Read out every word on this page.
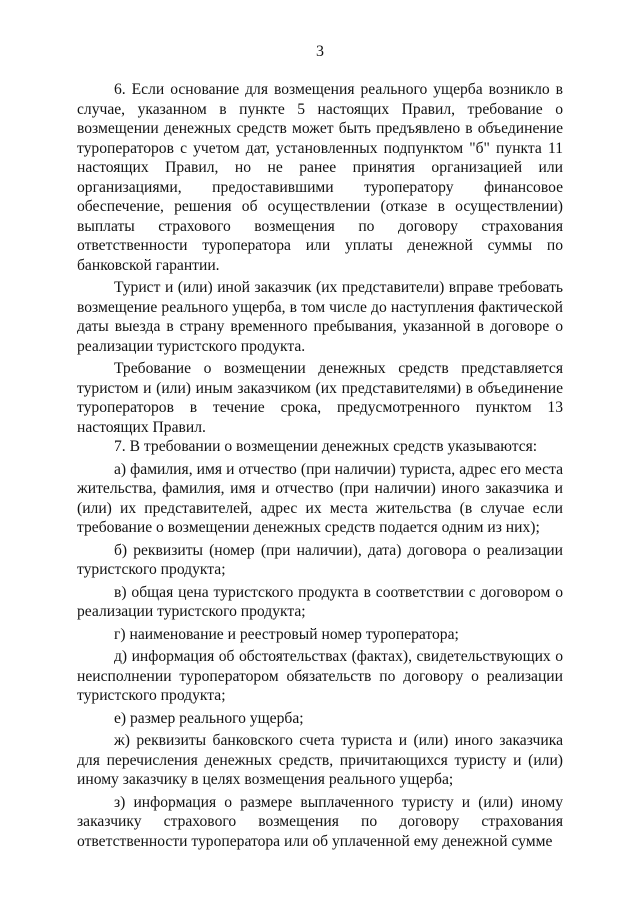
3

6. Если основание для возмещения реального ущерба возникло в случае, указанном в пункте 5 настоящих Правил, требование о возмещении денежных средств может быть предъявлено в объединение туроператоров с учетом дат, установленных подпунктом "б" пункта 11 настоящих Правил, но не ранее принятия организацией или организациями, предоставившими туроператору финансовое обеспечение, решения об осуществлении (отказе в осуществлении) выплаты страхового возмещения по договору страхования ответственности туроператора или уплаты денежной суммы по банковской гарантии.

Турист и (или) иной заказчик (их представители) вправе требовать возмещение реального ущерба, в том числе до наступления фактической даты выезда в страну временного пребывания, указанной в договоре о реализации туристского продукта.

Требование о возмещении денежных средств представляется туристом и (или) иным заказчиком (их представителями) в объединение туроператоров в течение срока, предусмотренного пунктом 13 настоящих Правил.

7. В требовании о возмещении денежных средств указываются:

а) фамилия, имя и отчество (при наличии) туриста, адрес его места жительства, фамилия, имя и отчество (при наличии) иного заказчика и (или) их представителей, адрес их места жительства (в случае если требование о возмещении денежных средств подается одним из них);

б) реквизиты (номер (при наличии), дата) договора о реализации туристского продукта;

в) общая цена туристского продукта в соответствии с договором о реализации туристского продукта;

г) наименование и реестровый номер туроператора;

д) информация об обстоятельствах (фактах), свидетельствующих о неисполнении туроператором обязательств по договору о реализации туристского продукта;

е) размер реального ущерба;

ж) реквизиты банковского счета туриста и (или) иного заказчика для перечисления денежных средств, причитающихся туристу и (или) иному заказчику в целях возмещения реального ущерба;

з) информация о размере выплаченного туристу и (или) иному заказчику страхового возмещения по договору страхования ответственности туроператора или об уплаченной ему денежной сумме
